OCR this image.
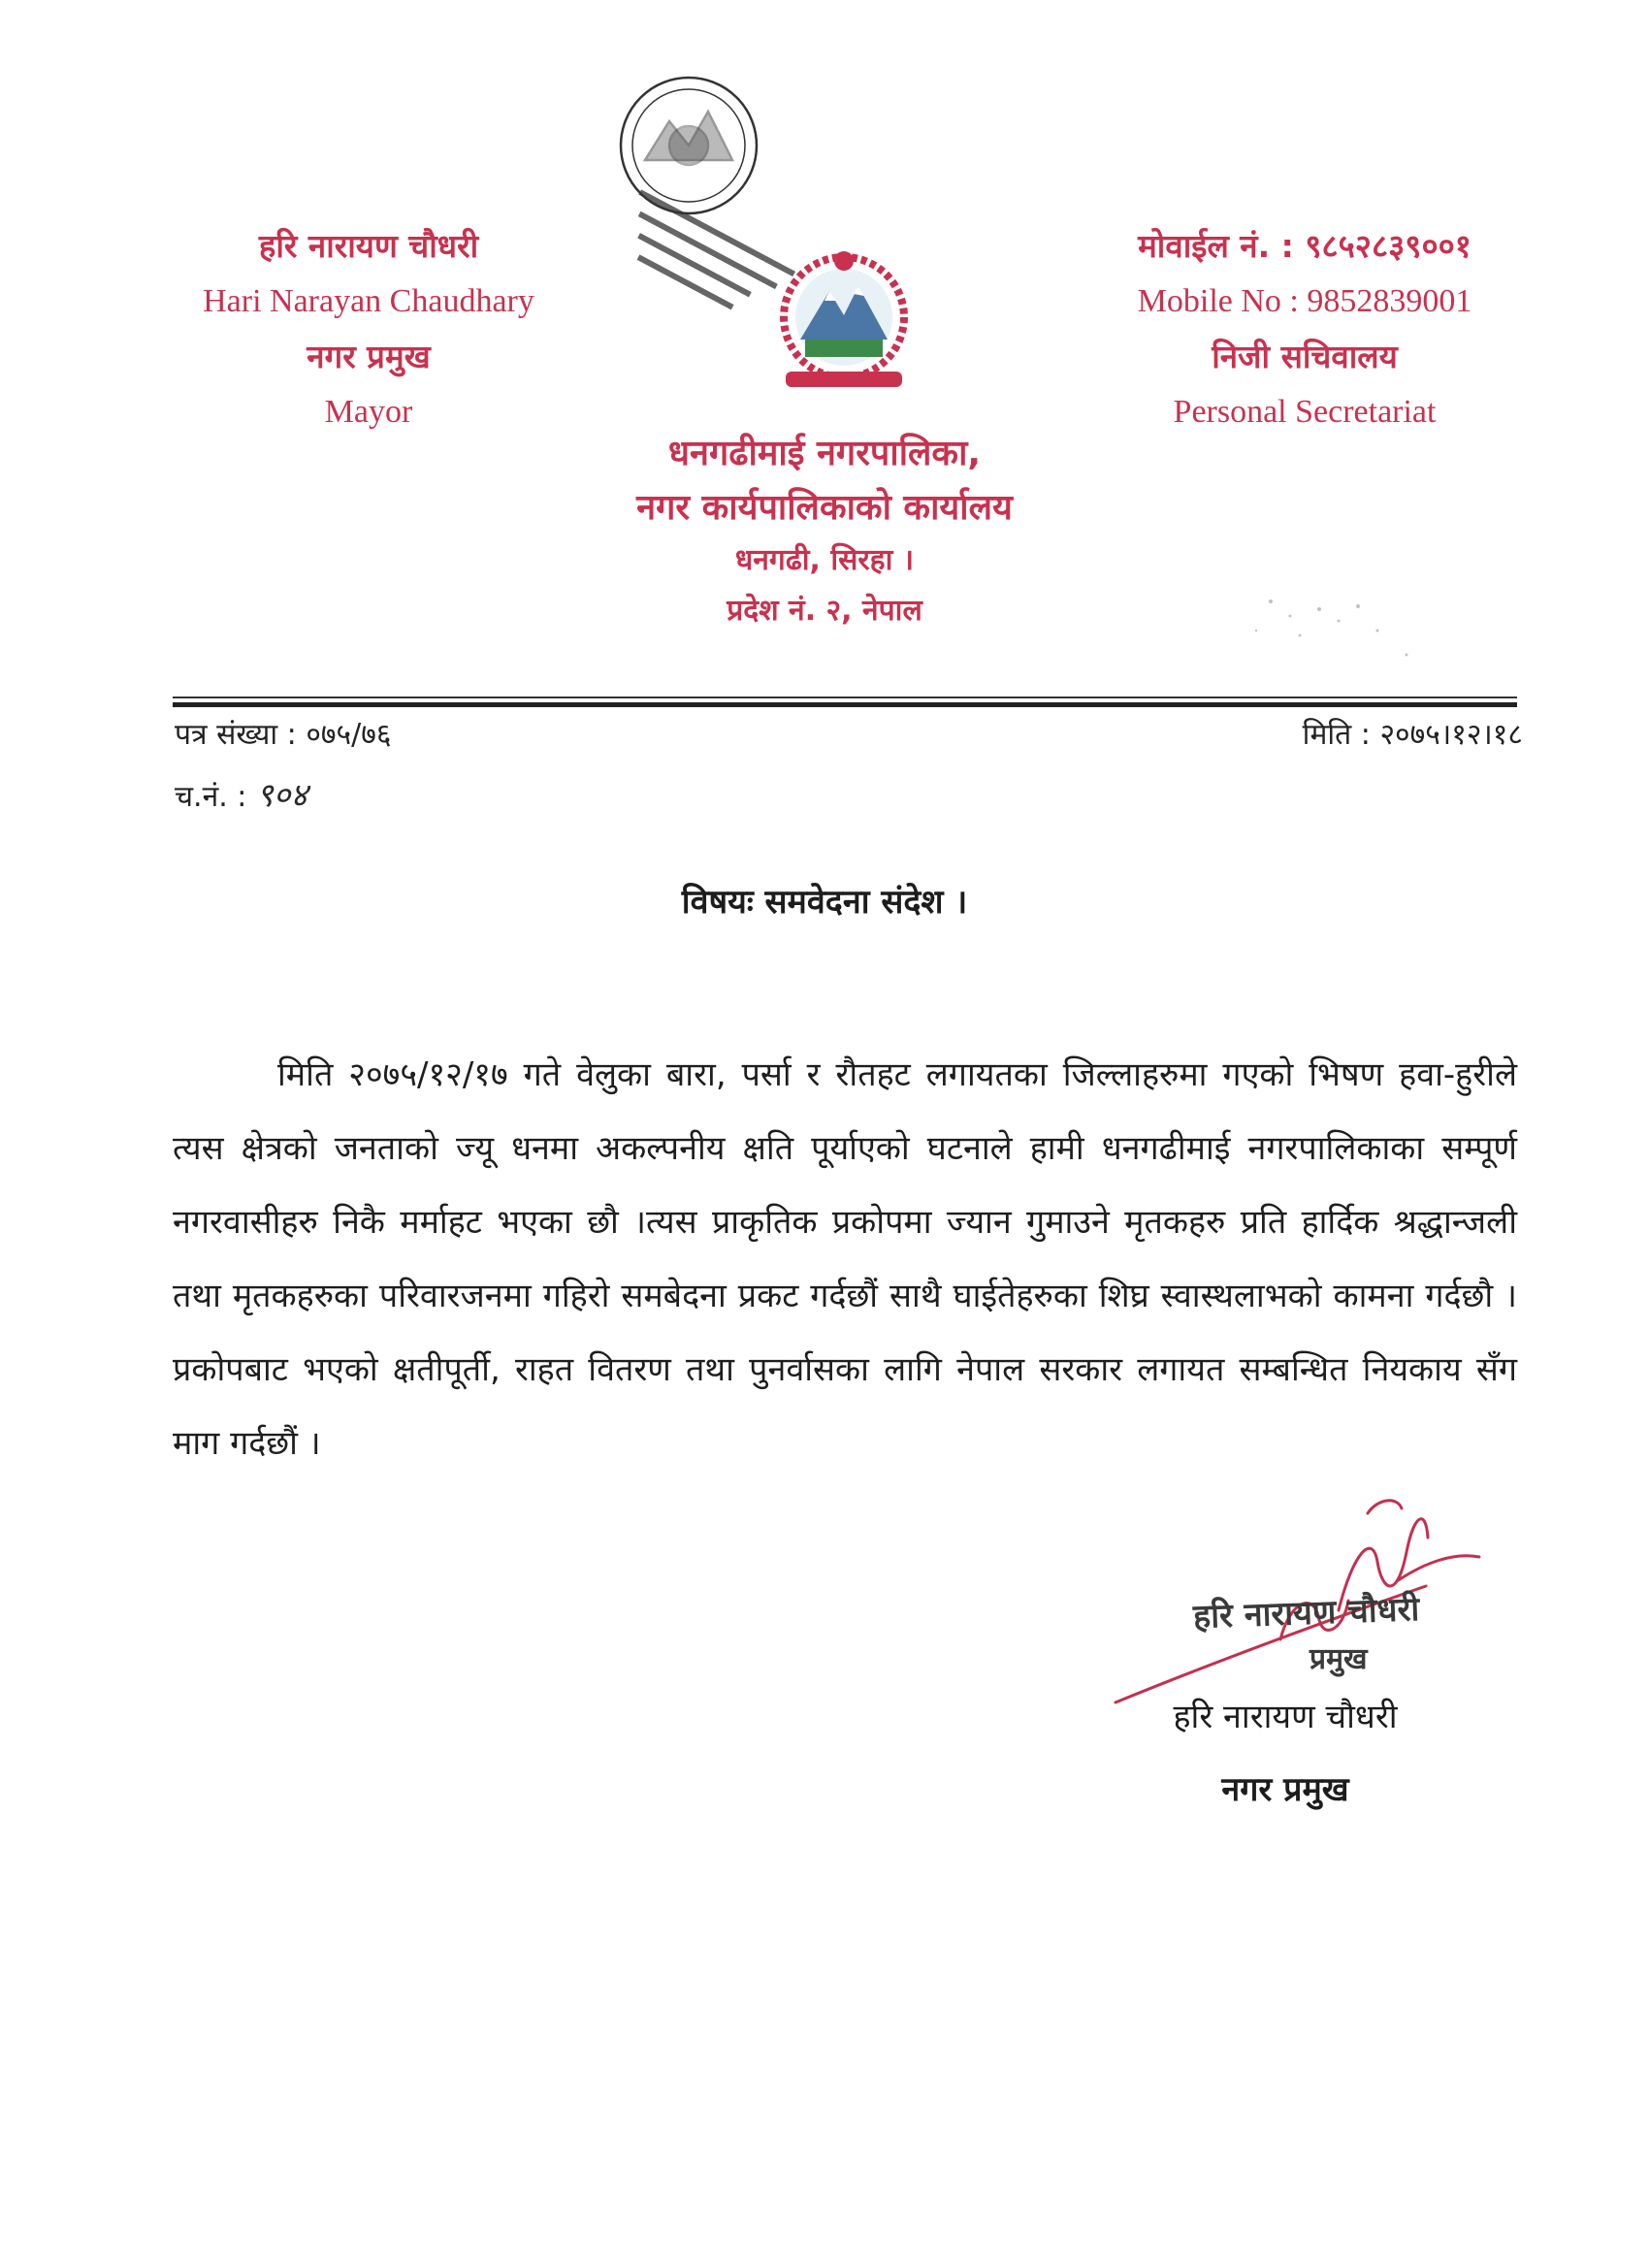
हरि नारायण चौधरी
Hari Narayan Chaudhary
नगर प्रमुख
Mayor
मोवाईल नं. : ९८५२८३९००१
Mobile No : 9852839001
निजी सचिवालय
Personal Secretariat
धनगढीमाई नगरपालिका,
नगर कार्यपालिकाको कार्यालय
धनगढी, सिरहा ।
प्रदेश नं. २, नेपाल
पत्र संख्या : ०७५/७६
च.नं. : ९०४
मिति : २०७५।१२।१८
विषयः समवेदना संदेश ।
मिति २०७५/१२/१७ गते वेलुका बारा, पर्सा र रौतहट लगायतका जिल्लाहरुमा गएको भिषण हवा-हुरीले त्यस क्षेत्रको जनताको ज्यू धनमा अकल्पनीय क्षति पूर्याएको घटनाले हामी धनगढीमाई नगरपालिकाका सम्पूर्ण नगरवासीहरु निकै मर्माहट भएका छौ ।त्यस प्राकृतिक प्रकोपमा ज्यान गुमाउने मृतकहरु प्रति हार्दिक श्रद्धान्जली तथा मृतकहरुका परिवारजनमा गहिरो समबेदना प्रकट गर्दछौं साथै घाईतेहरुका शिघ्र स्वास्थलाभको कामना गर्दछौ । प्रकोपबाट भएको क्षतीपूर्ती, राहत वितरण तथा पुनर्वासका लागि नेपाल सरकार लगायत सम्बन्धित नियकाय सँग माग गर्दछौं ।
हरि नारायण चौधरी
प्रमुख
हरि नारायण चौधरी
नगर प्रमुख
